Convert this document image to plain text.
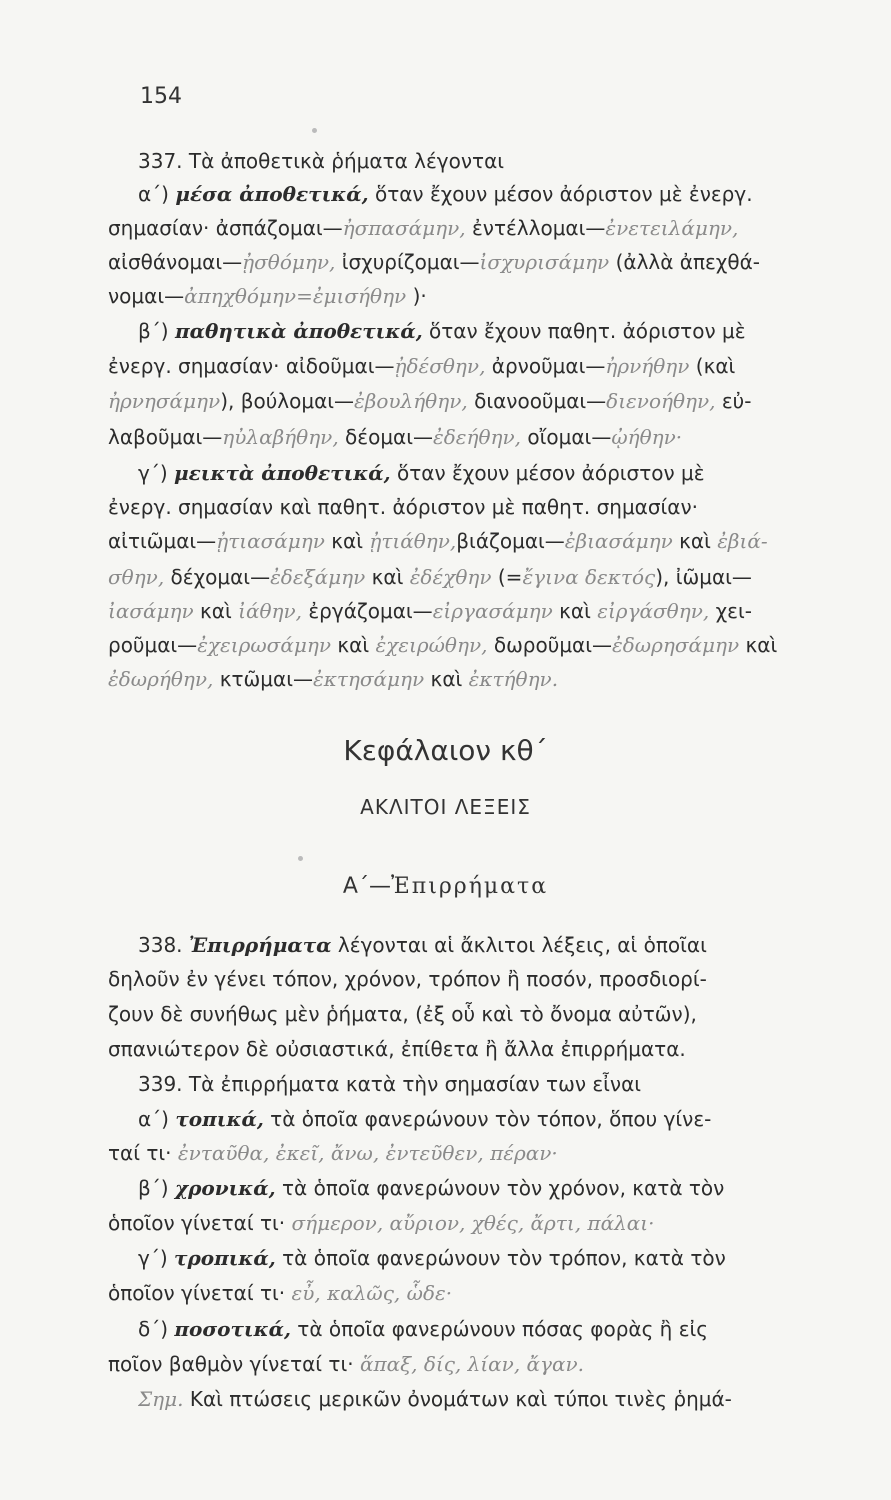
154
337. Τὰ ἀποθετικὰ ῥήματα λέγονται
α΄) μέσα ἀποθετικά, ὅταν ἔχουν μέσον ἀόριστον μὲ ἐνεργ.
σημασίαν· ἀσπάζομαι—ἠσπασάμην, ἐντέλλομαι—ἐνετειλάμην,
αἰσθάνομαι—ᾐσθόμην, ἰσχυρίζομαι—ἰσχυρισάμην (ἀλλὰ ἀπεχθά-
νομαι—ἀπηχθόμην=ἐμισήθην )·
β΄) παθητικὰ ἀποθετικά, ὅταν ἔχουν παθητ. ἀόριστον μὲ
ἐνεργ. σημασίαν· αἰδοῦμαι—ᾐδέσθην, ἀρνοῦμαι—ἠρνήθην (καὶ
ἠρνησάμην), βούλομαι—ἐβουλήθην, διανοοῦμαι—διενοήθην, εὐ-
λαβοῦμαι—ηὐλαβήθην, δέομαι—ἐδεήθην, οἴομαι—ᾠήθην·
γ΄) μεικτὰ ἀποθετικά, ὅταν ἔχουν μέσον ἀόριστον μὲ
ἐνεργ. σημασίαν καὶ παθητ. ἀόριστον μὲ παθητ. σημασίαν·
αἰτιῶμαι—ᾐτιασάμην καὶ ᾐτιάθην,βιάζομαι—ἐβιασάμην καὶ ἐβιά-
σθην, δέχομαι—ἐδεξάμην καὶ ἐδέχθην (=ἔγινα δεκτός), ἰῶμαι—
ἰασάμην καὶ ἰάθην, ἐργάζομαι—εἰργασάμην καὶ εἰργάσθην, χει-
ροῦμαι—ἐχειρωσάμην καὶ ἐχειρώθην, δωροῦμαι—ἐδωρησάμην καὶ
ἐδωρήθην, κτῶμαι—ἐκτησάμην καὶ ἐκτήθην.
Κεφάλαιον κθ΄
ΑΚΛΙΤΟΙ ΛΕΞΕΙΣ
Α΄—Ἐπιρρήματα
338. Ἐπιρρήματα λέγονται αἱ ἄκλιτοι λέξεις, αἱ ὁποῖαι
δηλοῦν ἐν γένει τόπον, χρόνον, τρόπον ἢ ποσόν, προσδιορί-
ζουν δὲ συνήθως μὲν ῥήματα, (ἐξ οὗ καὶ τὸ ὄνομα αὐτῶν),
σπανιώτερον δὲ οὐσιαστικά, ἐπίθετα ἢ ἄλλα ἐπιρρήματα.
339. Τὰ ἐπιρρήματα κατὰ τὴν σημασίαν των εἶναι
α΄) τοπικά, τὰ ὁποῖα φανερώνουν τὸν τόπον, ὅπου γίνε-
ταί τι· ἐνταῦθα, ἐκεῖ, ἄνω, ἐντεῦθεν, πέραν·
β΄) χρονικά, τὰ ὁποῖα φανερώνουν τὸν χρόνον, κατὰ τὸν
ὁποῖον γίνεταί τι· σήμερον, αὔριον, χθές, ἄρτι, πάλαι·
γ΄) τροπικά, τὰ ὁποῖα φανερώνουν τὸν τρόπον, κατὰ τὸν
ὁποῖον γίνεταί τι· εὖ, καλῶς, ὧδε·
δ΄) ποσοτικά, τὰ ὁποῖα φανερώνουν πόσας φορὰς ἢ εἰς
ποῖον βαθμὸν γίνεταί τι· ἅπαξ, δίς, λίαν, ἄγαν.
Σημ. Καὶ πτώσεις μερικῶν ὀνομάτων καὶ τύποι τινὲς ῥημά-
